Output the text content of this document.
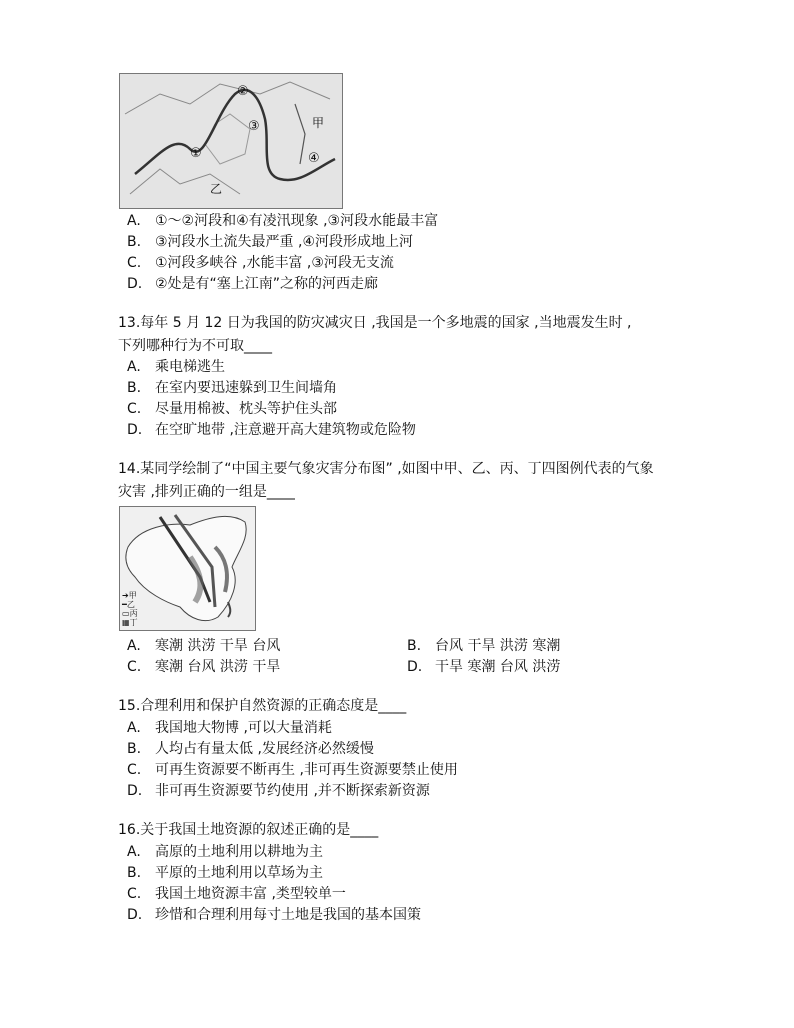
①
②
③
④
甲
乙
A. ①～②河段和④有凌汛现象 ,③河段水能最丰富
B. ③河段水土流失最严重 ,④河段形成地上河
C. ①河段多峡谷 ,水能丰富 ,③河段无支流
D. ②处是有“塞上江南”之称的河西走廊
13.每年 5 月 12 日为我国的防灾减灾日 ,我国是一个多地震的国家 ,当地震发生时 ,
下列哪种行为不可取____
A. 乘电梯逃生
B. 在室内要迅速躲到卫生间墙角
C. 尽量用棉被、枕头等护住头部
D. 在空旷地带 ,注意避开高大建筑物或危险物
14.某同学绘制了“中国主要气象灾害分布图” ,如图中甲、乙、丙、丁四图例代表的气象
灾害 ,排列正确的一组是____
➔甲
━乙
▭丙
▦丁
A. 寒潮 洪涝 干旱 台风	B. 台风 干旱 洪涝 寒潮
C. 寒潮 台风 洪涝 干旱	D. 干旱 寒潮 台风 洪涝
15.合理利用和保护自然资源的正确态度是____
A. 我国地大物博 ,可以大量消耗
B. 人均占有量太低 ,发展经济必然缓慢
C. 可再生资源要不断再生 ,非可再生资源要禁止使用
D. 非可再生资源要节约使用 ,并不断探索新资源
16.关于我国土地资源的叙述正确的是____
A. 高原的土地利用以耕地为主
B. 平原的土地利用以草场为主
C. 我国土地资源丰富 ,类型较单一
D. 珍惜和合理利用每寸土地是我国的基本国策
